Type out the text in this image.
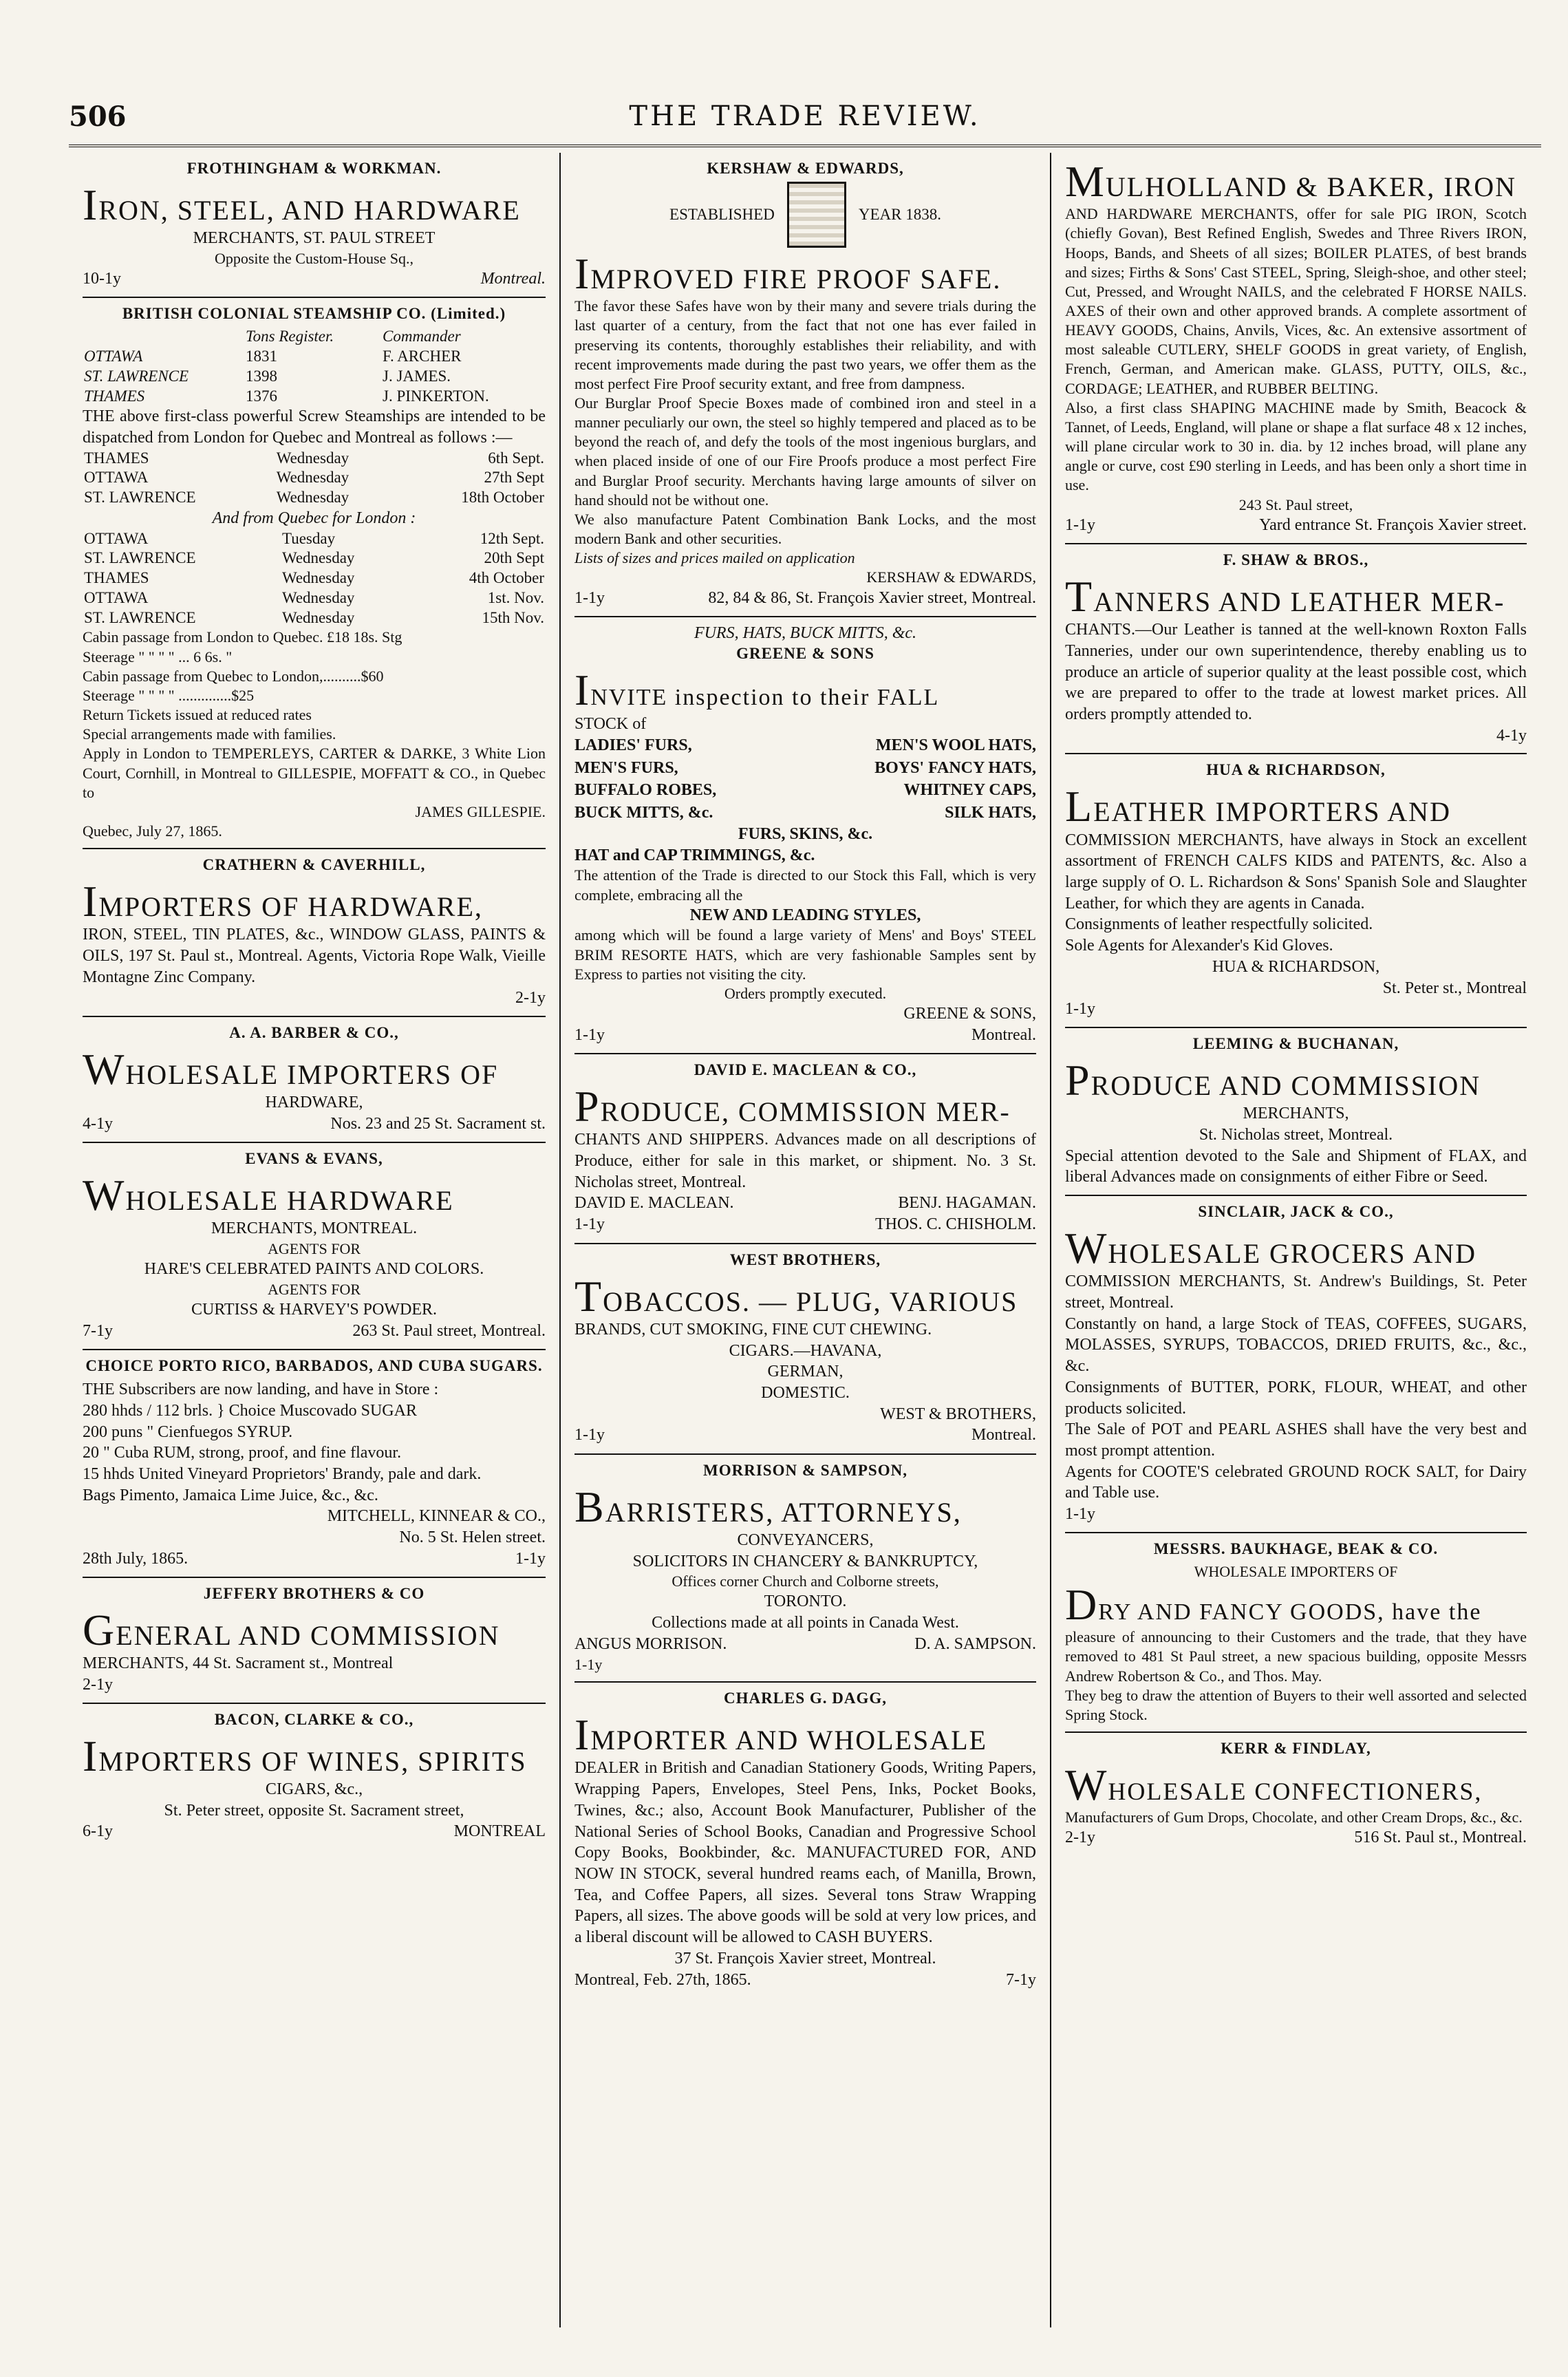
506	THE TRADE REVIEW.
FROTHINGHAM & WORKMAN.
IRON, STEEL, AND HARDWARE

MERCHANTS, ST. PAUL STREET

Opposite the Custom-House Sq.,

10-1y	Montreal.
BRITISH COLONIAL STEAMSHIP CO. (Limited.)
	Tons Register.	Commander
OTTAWA	1831	F. ARCHER
ST. LAWRENCE	1398	J. JAMES.
THAMES	1376	J. PINKERTON.

THE above first-class powerful Screw Steamships are intended to be dispatched from London for Quebec and Montreal as follows :—

THAMES	Wednesday	6th Sept.
OTTAWA	Wednesday	27th Sept
ST. LAWRENCE	Wednesday	18th October

And from Quebec for London :

OTTAWA	Tuesday	12th Sept.
ST. LAWRENCE	Wednesday	20th Sept
THAMES	Wednesday	4th October
OTTAWA	Wednesday	1st. Nov.
ST. LAWRENCE	Wednesday	15th Nov.

Cabin passage from London to Quebec. £18 18s. Stg

Steerage " " " " ... 6 6s. "

Cabin passage from Quebec to London,..........$60

Steerage " " " " ..............$25

Return Tickets issued at reduced rates

Special arrangements made with families.

Apply in London to TEMPERLEYS, CARTER & DARKE, 3 White Lion Court, Cornhill, in Montreal to GILLESPIE, MOFFATT & CO., in Quebec to

JAMES GILLESPIE.

Quebec, July 27, 1865.

CRATHERN & CAVERHILL,
IMPORTERS OF HARDWARE,

IRON, STEEL, TIN PLATES, &c., WINDOW GLASS, PAINTS & OILS, 197 St. Paul st., Montreal. Agents, Victoria Rope Walk, Vieille Montagne Zinc Company.

2-1y

A. A. BARBER & CO.,
WHOLESALE IMPORTERS OF

HARDWARE,

4-1y	Nos. 23 and 25 St. Sacrament st.
EVANS & EVANS,
WHOLESALE HARDWARE

MERCHANTS, MONTREAL.

AGENTS FOR

HARE'S CELEBRATED PAINTS AND COLORS.

AGENTS FOR

CURTISS & HARVEY'S POWDER.

7-1y	263 St. Paul street, Montreal.
CHOICE PORTO RICO, BARBADOS, AND CUBA SUGARS.

THE Subscribers are now landing, and have in Store :

280 hhds / 112 brls. } Choice Muscovado SUGAR

200 puns " Cienfuegos SYRUP.

20 " Cuba RUM, strong, proof, and fine flavour.

15 hhds United Vineyard Proprietors' Brandy, pale and dark.

Bags Pimento, Jamaica Lime Juice, &c., &c.

MITCHELL, KINNEAR & CO.,

No. 5 St. Helen street.

28th July, 1865.	1-1y
JEFFERY BROTHERS & CO
GENERAL AND COMMISSION

MERCHANTS, 44 St. Sacrament st., Montreal

2-1y

BACON, CLARKE & CO.,
IMPORTERS OF WINES, SPIRITS

CIGARS, &c.,

St. Peter street, opposite St. Sacrament street,

6-1y	MONTREAL
KERSHAW & EDWARDS,
ESTABLISHED	YEAR 1838.
IMPROVED FIRE PROOF SAFE.

The favor these Safes have won by their many and severe trials during the last quarter of a century, from the fact that not one has ever failed in preserving its contents, thoroughly establishes their reliability, and with recent improvements made during the past two years, we offer them as the most perfect Fire Proof security extant, and free from dampness.

Our Burglar Proof Specie Boxes made of combined iron and steel in a manner peculiarly our own, the steel so highly tempered and placed as to be beyond the reach of, and defy the tools of the most ingenious burglars, and when placed inside of one of our Fire Proofs produce a most perfect Fire and Burglar Proof security. Merchants having large amounts of silver on hand should not be without one.

We also manufacture Patent Combination Bank Locks, and the most modern Bank and other securities.

Lists of sizes and prices mailed on application

KERSHAW & EDWARDS,

1-1y	82, 84 & 86, St. François Xavier street, Montreal.

FURS, HATS, BUCK MITTS, &c.

GREENE & SONS
INVITE inspection to their FALL

STOCK of

LADIES' FURS,	MEN'S WOOL HATS,
MEN'S FURS,	BOYS' FANCY HATS,
BUFFALO ROBES,	WHITNEY CAPS,
BUCK MITTS, &c.	SILK HATS,

FURS, SKINS, &c.

HAT and CAP TRIMMINGS, &c.

The attention of the Trade is directed to our Stock this Fall, which is very complete, embracing all the

NEW AND LEADING STYLES,

among which will be found a large variety of Mens' and Boys' STEEL BRIM RESORTE HATS, which are very fashionable Samples sent by Express to parties not visiting the city.

Orders promptly executed.

GREENE & SONS,

1-1y	Montreal.
DAVID E. MACLEAN & CO.,
PRODUCE, COMMISSION MER-

CHANTS AND SHIPPERS. Advances made on all descriptions of Produce, either for sale in this market, or shipment. No. 3 St. Nicholas street, Montreal.

DAVID E. MACLEAN.	BENJ. HAGAMAN.
1-1y	THOS. C. CHISHOLM.
WEST BROTHERS,
TOBACCOS. — PLUG, VARIOUS

BRANDS, CUT SMOKING, FINE CUT CHEWING.

CIGARS.—HAVANA,

GERMAN,

DOMESTIC.

WEST & BROTHERS,

1-1y	Montreal.
MORRISON & SAMPSON,
BARRISTERS, ATTORNEYS,

CONVEYANCERS,

SOLICITORS IN CHANCERY & BANKRUPTCY,

Offices corner Church and Colborne streets,

TORONTO.

Collections made at all points in Canada West.

ANGUS MORRISON.	D. A. SAMPSON.

1-1y

CHARLES G. DAGG,
IMPORTER AND WHOLESALE

DEALER in British and Canadian Stationery Goods, Writing Papers, Wrapping Papers, Envelopes, Steel Pens, Inks, Pocket Books, Twines, &c.; also, Account Book Manufacturer, Publisher of the National Series of School Books, Canadian and Progressive School Copy Books, Bookbinder, &c. MANUFACTURED FOR, AND NOW IN STOCK, several hundred reams each, of Manilla, Brown, Tea, and Coffee Papers, all sizes. Several tons Straw Wrapping Papers, all sizes. The above goods will be sold at very low prices, and a liberal discount will be allowed to CASH BUYERS.

37 St. François Xavier street, Montreal.

Montreal, Feb. 27th, 1865.	7-1y
MULHOLLAND & BAKER, IRON

AND HARDWARE MERCHANTS, offer for sale PIG IRON, Scotch (chiefly Govan), Best Refined English, Swedes and Three Rivers IRON, Hoops, Bands, and Sheets of all sizes; BOILER PLATES, of best brands and sizes; Firths & Sons' Cast STEEL, Spring, Sleigh-shoe, and other steel; Cut, Pressed, and Wrought NAILS, and the celebrated F HORSE NAILS. AXES of their own and other approved brands. A complete assortment of HEAVY GOODS, Chains, Anvils, Vices, &c. An extensive assortment of most saleable CUTLERY, SHELF GOODS in great variety, of English, French, German, and American make. GLASS, PUTTY, OILS, &c., CORDAGE; LEATHER, and RUBBER BELTING.

Also, a first class SHAPING MACHINE made by Smith, Beacock & Tannet, of Leeds, England, will plane or shape a flat surface 48 x 12 inches, will plane circular work to 30 in. dia. by 12 inches broad, will plane any angle or curve, cost £90 sterling in Leeds, and has been only a short time in use.

243 St. Paul street,

1-1y	Yard entrance St. François Xavier street.
F. SHAW & BROS.,
TANNERS AND LEATHER MER-

CHANTS.—Our Leather is tanned at the well-known Roxton Falls Tanneries, under our own superintendence, thereby enabling us to produce an article of superior quality at the least possible cost, which we are prepared to offer to the trade at lowest market prices. All orders promptly attended to.

4-1y

HUA & RICHARDSON,
LEATHER IMPORTERS AND

COMMISSION MERCHANTS, have always in Stock an excellent assortment of FRENCH CALFS KIDS and PATENTS, &c. Also a large supply of O. L. Richardson & Sons' Spanish Sole and Slaughter Leather, for which they are agents in Canada.

Consignments of leather respectfully solicited.

Sole Agents for Alexander's Kid Gloves.

HUA & RICHARDSON,

St. Peter st., Montreal

1-1y

LEEMING & BUCHANAN,
PRODUCE AND COMMISSION

MERCHANTS,

St. Nicholas street, Montreal.

Special attention devoted to the Sale and Shipment of FLAX, and liberal Advances made on consignments of either Fibre or Seed.

SINCLAIR, JACK & CO.,
WHOLESALE GROCERS AND

COMMISSION MERCHANTS, St. Andrew's Buildings, St. Peter street, Montreal.

Constantly on hand, a large Stock of TEAS, COFFEES, SUGARS, MOLASSES, SYRUPS, TOBACCOS, DRIED FRUITS, &c., &c., &c.

Consignments of BUTTER, PORK, FLOUR, WHEAT, and other products solicited.

The Sale of POT and PEARL ASHES shall have the very best and most prompt attention.

Agents for COOTE'S celebrated GROUND ROCK SALT, for Dairy and Table use.

1-1y

MESSRS. BAUKHAGE, BEAK & CO.

WHOLESALE IMPORTERS OF

DRY AND FANCY GOODS, have the

pleasure of announcing to their Customers and the trade, that they have removed to 481 St Paul street, a new spacious building, opposite Messrs Andrew Robertson & Co., and Thos. May.

They beg to draw the attention of Buyers to their well assorted and selected Spring Stock.

KERR & FINDLAY,
WHOLESALE CONFECTIONERS,

Manufacturers of Gum Drops, Chocolate, and other Cream Drops, &c., &c.

2-1y	516 St. Paul st., Montreal.
